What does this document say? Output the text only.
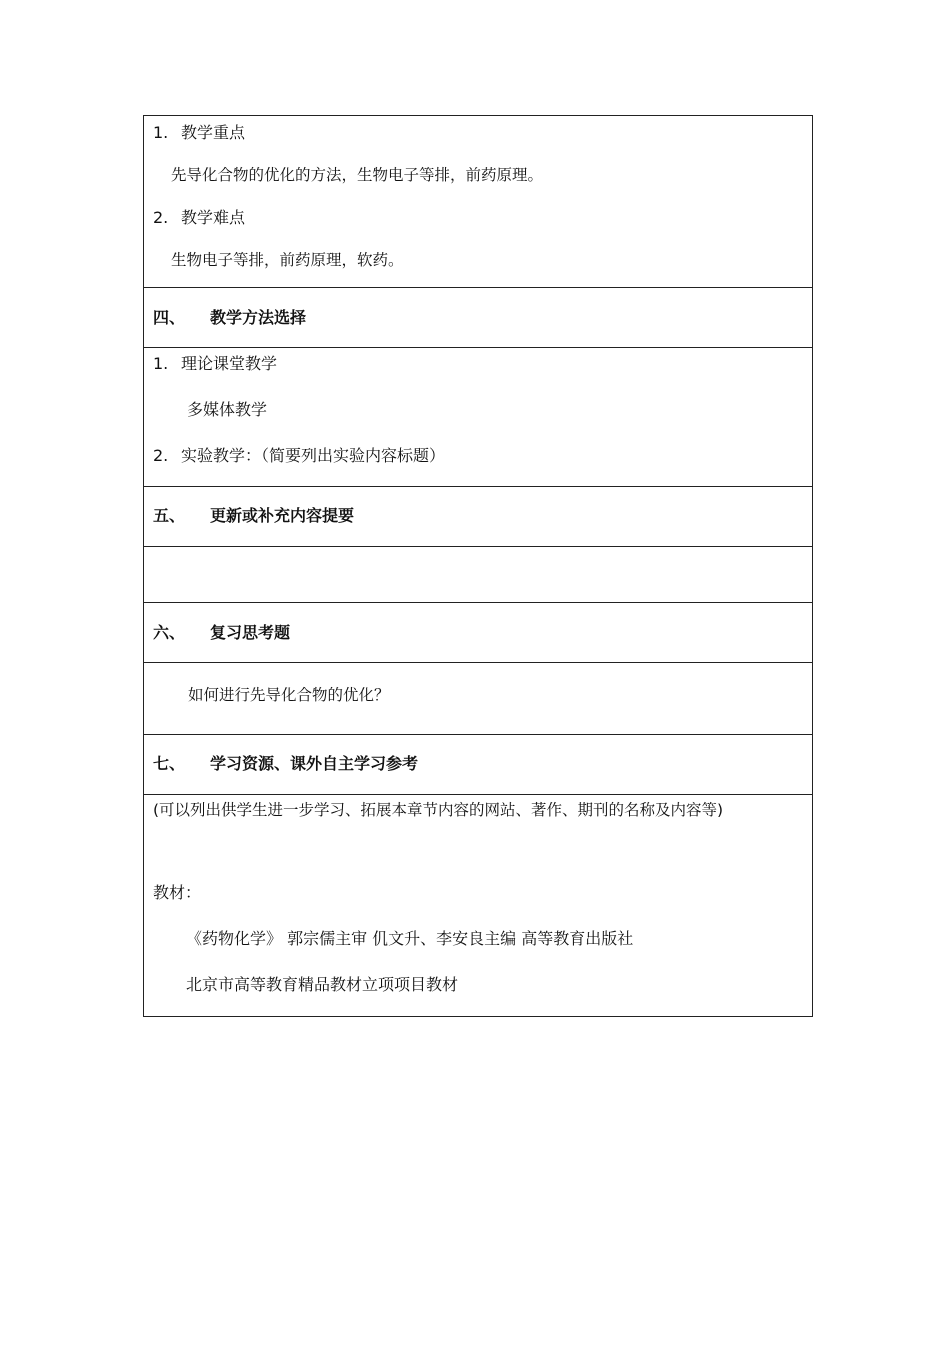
1. 教学重点
先导化合物的优化的方法，生物电子等排，前药原理。
2. 教学难点
生物电子等排，前药原理，软药。
四、 教学方法选择
1. 理论课堂教学
多媒体教学
2. 实验教学：（简要列出实验内容标题）
五、 更新或补充内容提要
六、 复习思考题
如何进行先导化合物的优化？
七、 学习资源、课外自主学习参考
(可以列出供学生进一步学习、拓展本章节内容的网站、著作、期刊的名称及内容等)
教材：
《药物化学》 郭宗儒主审 仉文升、李安良主编 高等教育出版社
北京市高等教育精品教材立项项目教材
